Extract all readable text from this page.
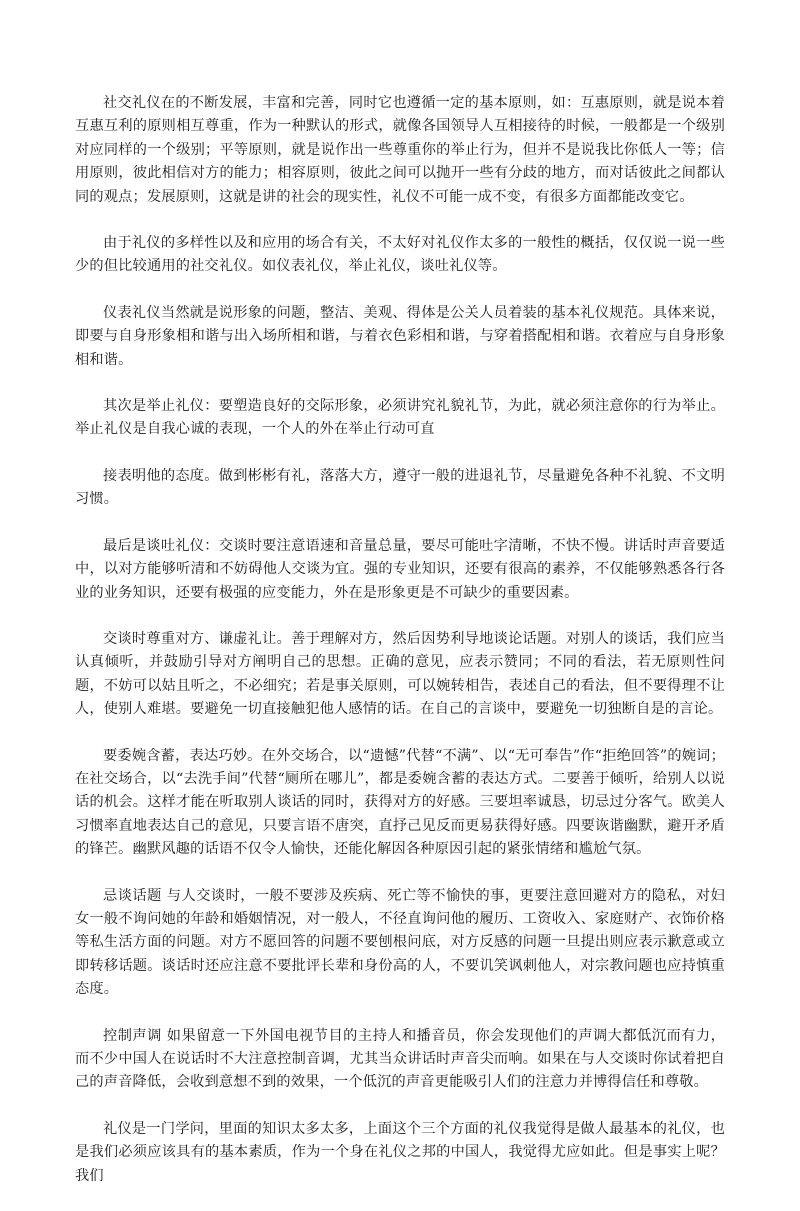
社交礼仪在的不断发展，丰富和完善，同时它也遵循一定的基本原则，如：互惠原则，就是说本着互惠互利的原则相互尊重，作为一种默认的形式，就像各国领导人互相接待的时候，一般都是一个级别对应同样的一个级别；平等原则，就是说作出一些尊重你的举止行为，但并不是说我比你低人一等；信用原则，彼此相信对方的能力；相容原则，彼此之间可以抛开一些有分歧的地方，而对话彼此之间都认同的观点；发展原则，这就是讲的社会的现实性，礼仪不可能一成不变，有很多方面都能改变它。

由于礼仪的多样性以及和应用的场合有关，不太好对礼仪作太多的一般性的概括，仅仅说一说一些少的但比较通用的社交礼仪。如仪表礼仪，举止礼仪，谈吐礼仪等。

仪表礼仪当然就是说形象的问题，整洁、美观、得体是公关人员着装的基本礼仪规范。具体来说，即要与自身形象相和谐与出入场所相和谐，与着衣色彩相和谐，与穿着搭配相和谐。衣着应与自身形象相和谐。

其次是举止礼仪：要塑造良好的交际形象，必须讲究礼貌礼节，为此，就必须注意你的行为举止。举止礼仪是自我心诚的表现，一个人的外在举止行动可直

接表明他的态度。做到彬彬有礼，落落大方，遵守一般的进退礼节，尽量避免各种不礼貌、不文明习惯。

最后是谈吐礼仪：交谈时要注意语速和音量总量，要尽可能吐字清晰，不快不慢。讲话时声音要适中，以对方能够听清和不妨碍他人交谈为宜。强的专业知识，还要有很高的素养，不仅能够熟悉各行各业的业务知识，还要有极强的应变能力，外在是形象更是不可缺少的重要因素。

交谈时尊重对方、谦虚礼让。善于理解对方，然后因势利导地谈论话题。对别人的谈话，我们应当认真倾听，并鼓励引导对方阐明自己的思想。正确的意见，应表示赞同；不同的看法，若无原则性问题，不妨可以姑且听之，不必细究；若是事关原则，可以婉转相告，表述自己的看法，但不要得理不让人，使别人难堪。要避免一切直接触犯他人感情的话。在自己的言谈中，要避免一切独断自是的言论。

要委婉含蓄，表达巧妙。在外交场合，以“遗憾”代替“不满”、以“无可奉告”作“拒绝回答”的婉词；在社交场合，以“去洗手间”代替“厕所在哪儿”，都是委婉含蓄的表达方式。二要善于倾听，给别人以说话的机会。这样才能在听取别人谈话的同时，获得对方的好感。三要坦率诚恳，切忌过分客气。欧美人习惯率直地表达自己的意见，只要言语不唐突，直抒己见反而更易获得好感。四要诙谐幽默，避开矛盾的锋芒。幽默风趣的话语不仅令人愉快，还能化解因各种原因引起的紧张情绪和尴尬气氛。

忌谈话题 与人交谈时，一般不要涉及疾病、死亡等不愉快的事，更要注意回避对方的隐私，对妇女一般不询问她的年龄和婚姻情况，对一般人，不径直询问他的履历、工资收入、家庭财产、衣饰价格等私生活方面的问题。对方不愿回答的问题不要刨根问底，对方反感的问题一旦提出则应表示歉意或立即转移话题。谈话时还应注意不要批评长辈和身份高的人，不要讥笑讽刺他人，对宗教问题也应持慎重态度。

控制声调 如果留意一下外国电视节目的主持人和播音员，你会发现他们的声调大都低沉而有力，而不少中国人在说话时不大注意控制音调，尤其当众讲话时声音尖而响。如果在与人交谈时你试着把自己的声音降低，会收到意想不到的效果，一个低沉的声音更能吸引人们的注意力并博得信任和尊敬。

礼仪是一门学问，里面的知识太多太多，上面这个三个方面的礼仪我觉得是做人最基本的礼仪，也是我们必须应该具有的基本素质，作为一个身在礼仪之邦的中国人，我觉得尤应如此。但是事实上呢？我们
